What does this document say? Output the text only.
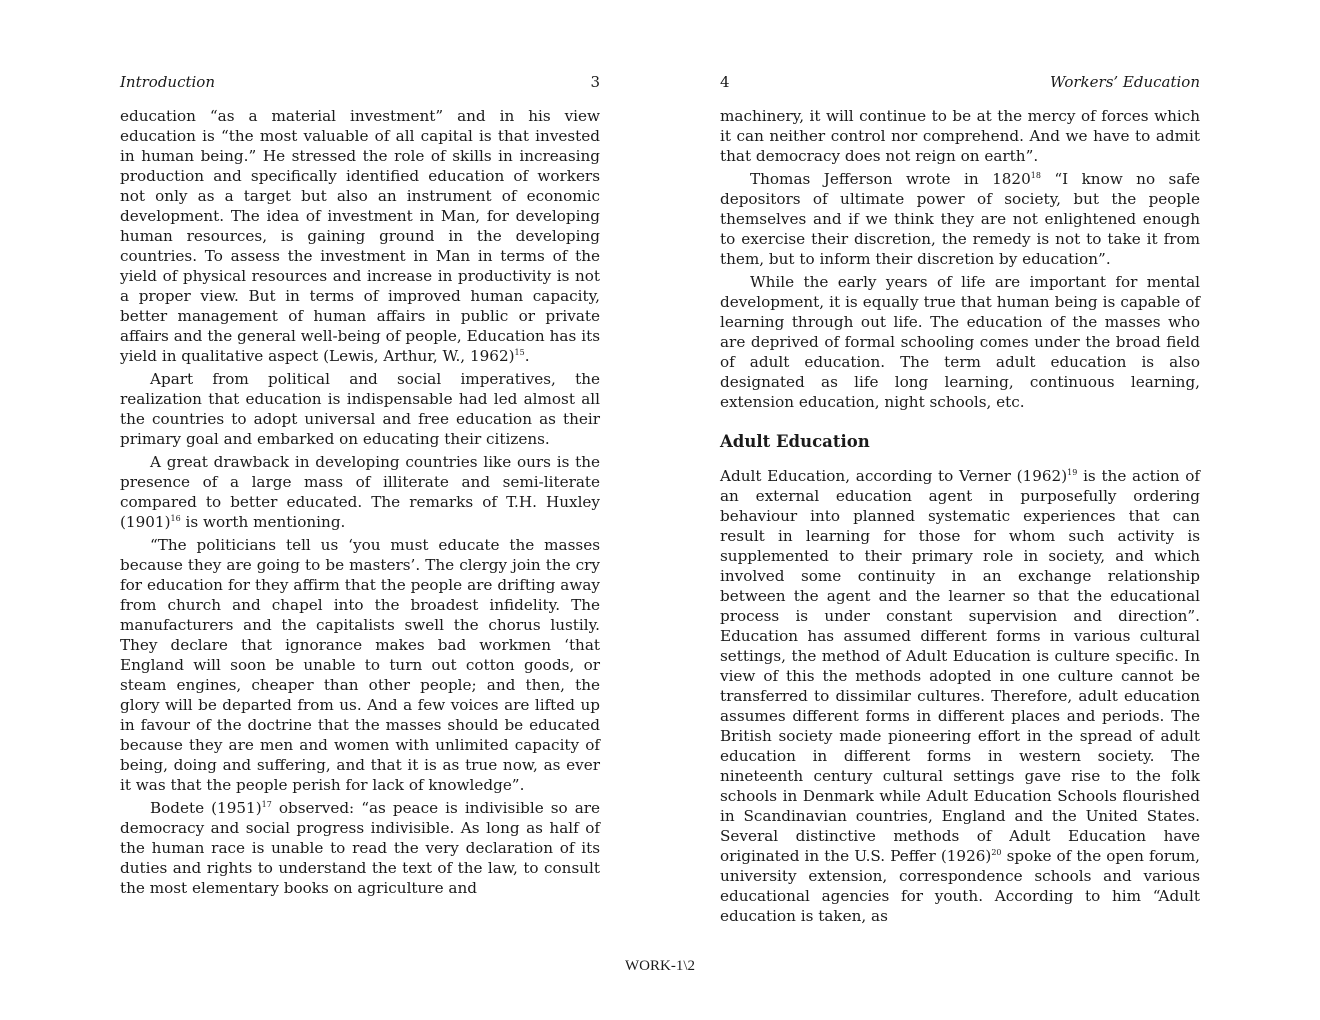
Introduction	3

education “as a material investment” and in his view education is “the most valuable of all capital is that invested in human being.” He stressed the role of skills in increasing production and specifically identified education of workers not only as a target but also an instrument of economic development. The idea of investment in Man, for developing human resources, is gaining ground in the developing countries. To assess the investment in Man in terms of the yield of physical resources and increase in productivity is not a proper view. But in terms of improved human capacity, better management of human affairs in public or private affairs and the general well-being of people, Education has its yield in qualitative aspect (Lewis, Arthur, W., 1962)$^{15}$.

Apart from political and social imperatives, the realization that education is indispensable had led almost all the countries to adopt universal and free education as their primary goal and embarked on educating their citizens.

A great drawback in developing countries like ours is the presence of a large mass of illiterate and semi-literate compared to better educated. The remarks of T.H. Huxley $(1901)^{16}$ is worth mentioning.

“The politicians tell us ‘you must educate the masses because they are going to be masters’. The clergy join the cry for education for they affirm that the people are drifting away from church and chapel into the broadest infidelity. The manufacturers and the capitalists swell the chorus lustily. They declare that ignorance makes bad workmen ‘that England will soon be unable to turn out cotton goods, or steam engines, cheaper than other people; and then, the glory will be departed from us. And a few voices are lifted up in favour of the doctrine that the masses should be educated because they are men and women with unlimited capacity of being, doing and suffering, and that it is as true now, as ever it was that the people perish for lack of knowledge”.

Bodete $(1951)^{17}$ observed: “as peace is indivisible so are democracy and social progress indivisible. As long as half of the human race is unable to read the very declaration of its duties and rights to understand the text of the law, to consult the most elementary books on agriculture and

4	Workers’ Education

machinery, it will continue to be at the mercy of forces which it can neither control nor comprehend. And we have to admit that democracy does not reign on earth”.

Thomas Jefferson wrote in 1820$^{18}$ “I know no safe depositors of ultimate power of society, but the people themselves and if we think they are not enlightened enough to exercise their discretion, the remedy is not to take it from them, but to inform their discretion by education”.

While the early years of life are important for mental development, it is equally true that human being is capable of learning through out life. The education of the masses who are deprived of formal schooling comes under the broad field of adult education. The term adult education is also designated as life long learning, continuous learning, extension education, night schools, etc.

Adult Education

Adult Education, according to Verner $(1962)^{19}$ is the action of an external education agent in purposefully ordering behaviour into planned systematic experiences that can result in learning for those for whom such activity is supplemented to their primary role in society, and which involved some continuity in an exchange relationship between the agent and the learner so that the educational process is under constant supervision and direction”. Education has assumed different forms in various cultural settings, the method of Adult Education is culture specific. In view of this the methods adopted in one culture cannot be transferred to dissimilar cultures. Therefore, adult education assumes different forms in different places and periods. The British society made pioneering effort in the spread of adult education in different forms in western society. The nineteenth century cultural settings gave rise to the folk schools in Denmark while Adult Education Schools flourished in Scandinavian countries, England and the United States. Several distinctive methods of Adult Education have originated in the U.S. Peffer $(1926)^{20}$ spoke of the open forum, university extension, correspondence schools and various educational agencies for youth. According to him “Adult education is taken, as

WORK-1\2
